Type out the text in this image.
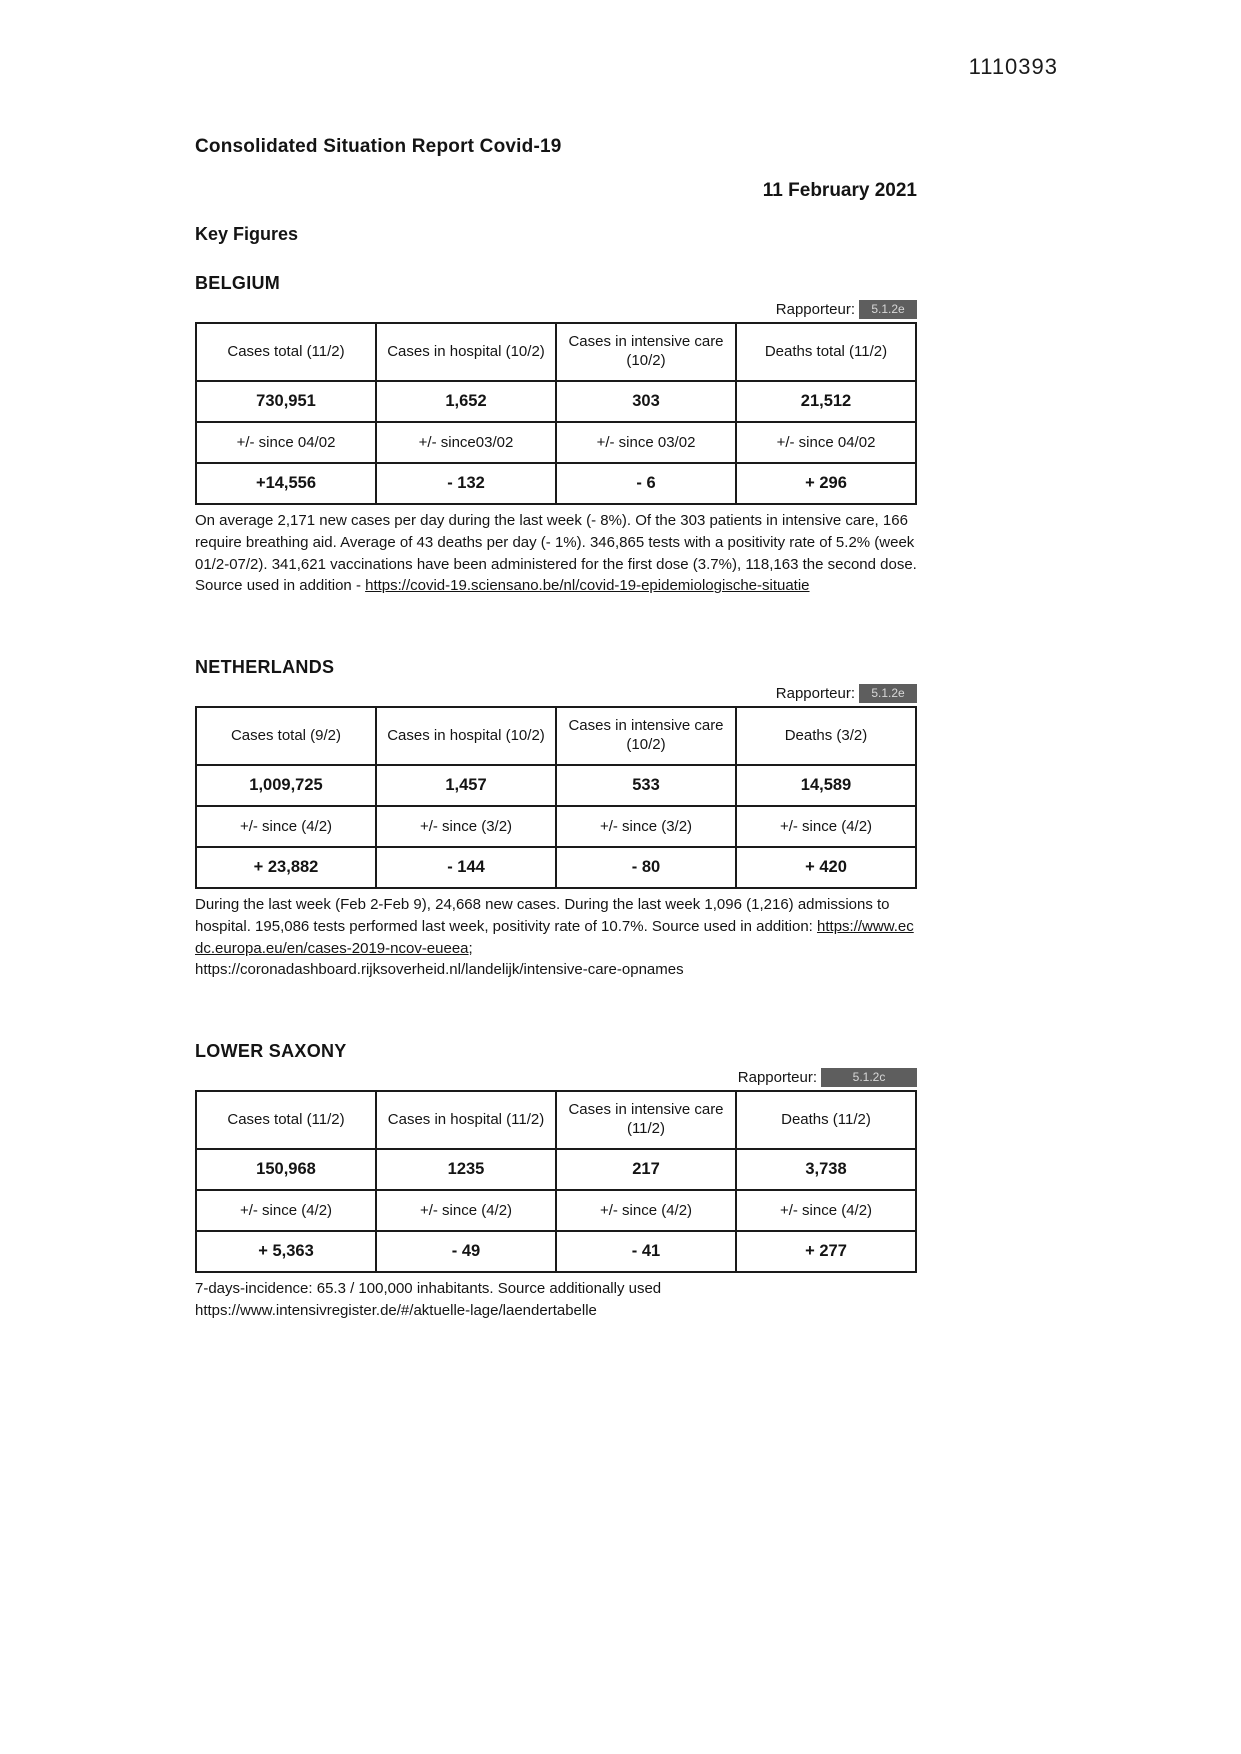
1110393
Consolidated Situation Report Covid-19
11 February 2021
Key Figures
BELGIUM
Rapporteur:	5.1.2e
Cases total (11/2)	Cases in hospital (10/2)	Cases in intensive care (10/2)	Deaths total (11/2)
730,951	1,652	303	21,512
+/- since 04/02	+/- since03/02	+/- since 03/02	+/- since 04/02
+14,556	- 132	- 6	+ 296

On average 2,171 new cases per day during the last week (- 8%). Of the 303 patients in intensive care, 166 require breathing aid. Average of 43 deaths per day (- 1%). 346,865 tests with a positivity rate of 5.2% (week 01/2-07/2). 341,621 vaccinations have been administered for the first dose (3.7%), 118,163 the second dose. Source used in addition - https://covid-19.sciensano.be/nl/covid-19-epidemiologische-situatie

NETHERLANDS
Rapporteur:	5.1.2e
Cases total (9/2)	Cases in hospital (10/2)	Cases in intensive care (10/2)	Deaths (3/2)
1,009,725	1,457	533	14,589
+/- since (4/2)	+/- since (3/2)	+/- since (3/2)	+/- since (4/2)
+ 23,882	- 144	- 80	+ 420

During the last week (Feb 2-Feb 9), 24,668 new cases. During the last week 1,096 (1,216) admissions to hospital. 195,086 tests performed last week, positivity rate of 10.7%. Source used in addition: https://www.ecdc.europa.eu/en/cases-2019-ncov-eueea;
https://coronadashboard.rijksoverheid.nl/landelijk/intensive-care-opnames

LOWER SAXONY
Rapporteur:	5.1.2c
Cases total (11/2)	Cases in hospital (11/2)	Cases in intensive care (11/2)	Deaths (11/2)
150,968	1235	217	3,738
+/- since (4/2)	+/- since (4/2)	+/- since (4/2)	+/- since (4/2)
+ 5,363	- 49	- 41	+ 277

7-days-incidence: 65.3 / 100,000 inhabitants. Source additionally used
https://www.intensivregister.de/#/aktuelle-lage/laendertabelle
